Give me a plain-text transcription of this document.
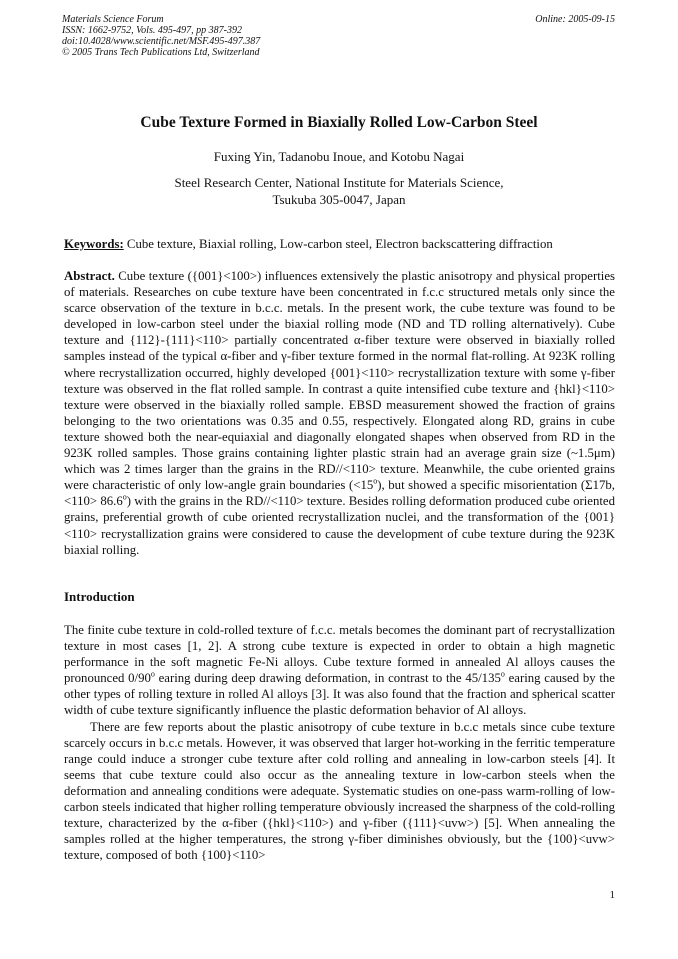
Materials Science Forum
ISSN: 1662-9752, Vols. 495-497, pp 387-392
doi:10.4028/www.scientific.net/MSF.495-497.387
© 2005 Trans Tech Publications Ltd, Switzerland
Online: 2005-09-15
Cube Texture Formed in Biaxially Rolled Low-Carbon Steel
Fuxing Yin, Tadanobu Inoue, and Kotobu Nagai
Steel Research Center, National Institute for Materials Science,
Tsukuba 305-0047, Japan
Keywords: Cube texture, Biaxial rolling, Low-carbon steel, Electron backscattering diffraction

Abstract. Cube texture ({001}<100>) influences extensively the plastic anisotropy and physical properties of materials. Researches on cube texture have been concentrated in f.c.c structured metals only since the scarce observation of the texture in b.c.c. metals. In the present work, the cube texture was found to be developed in low-carbon steel under the biaxial rolling mode (ND and TD rolling alternatively). Cube texture and {112}-{111}<110> partially concentrated α-fiber texture were observed in biaxially rolled samples instead of the typical α-fiber and γ-fiber texture formed in the normal flat-rolling. At 923K rolling where recrystallization occurred, highly developed {001}<110> recrystallization texture with some γ-fiber texture was observed in the flat rolled sample. In contrast a quite intensified cube texture and {hkl}<110> texture were observed in the biaxially rolled sample. EBSD measurement showed the fraction of grains belonging to the two orientations was 0.35 and 0.55, respectively. Elongated along RD, grains in cube texture showed both the near-equiaxial and diagonally elongated shapes when observed from RD in the 923K rolled samples. Those grains containing lighter plastic strain had an average grain size (~1.5μm) which was 2 times larger than the grains in the RD//<110> texture. Meanwhile, the cube oriented grains were characteristic of only low-angle grain boundaries $(<15^o)$, but showed a specific misorientation (Σ17b, $<110> 86.6^o$) with the grains in the RD//<110> texture. Besides rolling deformation produced cube oriented grains, preferential growth of cube oriented recrystallization nuclei, and the transformation of the {001}<110> recrystallization grains were considered to cause the development of cube texture during the 923K biaxial rolling.

Introduction

The finite cube texture in cold-rolled texture of f.c.c. metals becomes the dominant part of recrystallization texture in most cases [1, 2]. A strong cube texture is expected in order to obtain a high magnetic performance in the soft magnetic Fe-Ni alloys. Cube texture formed in annealed Al alloys causes the pronounced 0/90$^o$ earing during deep drawing deformation, in contrast to the 45/135$^o$ earing caused by the other types of rolling texture in rolled Al alloys [3]. It was also found that the fraction and spherical scatter width of cube texture significantly influence the plastic deformation behavior of Al alloys.

There are few reports about the plastic anisotropy of cube texture in b.c.c metals since cube texture scarcely occurs in b.c.c metals. However, it was observed that larger hot-working in the ferritic temperature range could induce a stronger cube texture after cold rolling and annealing in low-carbon steels [4]. It seems that cube texture could also occur as the annealing texture in low-carbon steels when the deformation and annealing conditions were adequate. Systematic studies on one-pass warm-rolling of low-carbon steels indicated that higher rolling temperature obviously increased the sharpness of the cold-rolling texture, characterized by the α-fiber ({hkl}<110>) and γ-fiber ({111}<uvw>) [5]. When annealing the samples rolled at the higher temperatures, the strong γ-fiber diminishes obviously, but the {100}<uvw> texture, composed of both {100}<110>

1
